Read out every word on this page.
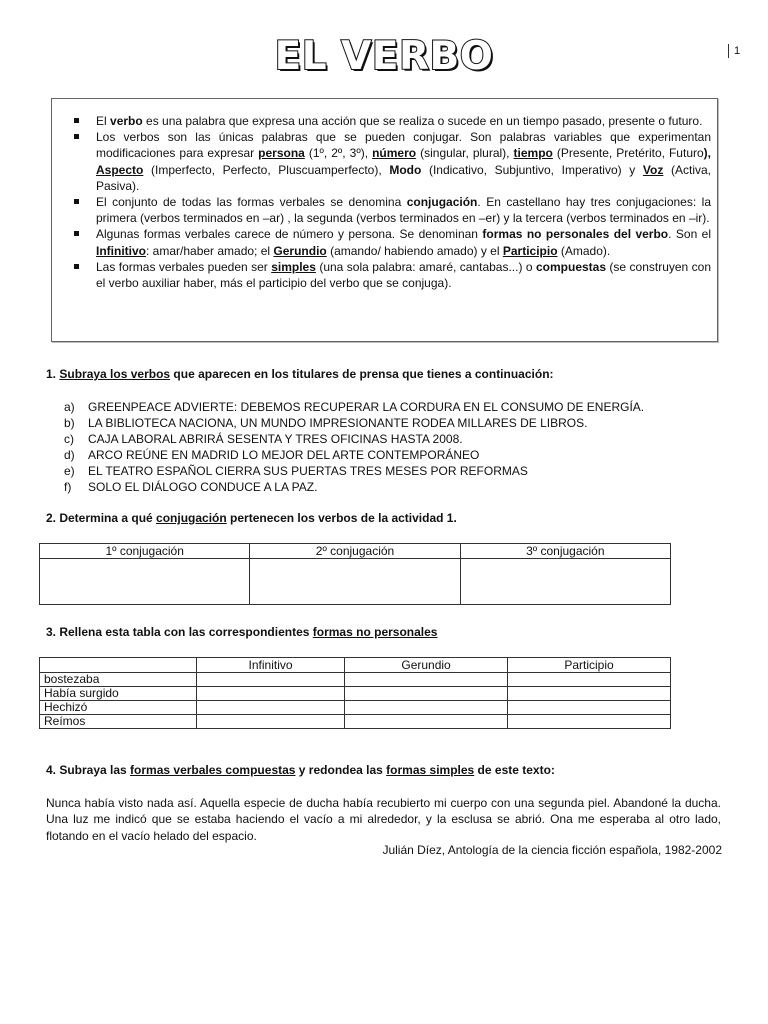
EL VERBO	1
El verbo es una palabra que expresa una acción que se realiza o sucede en un tiempo pasado, presente o futuro.
Los verbos son las únicas palabras que se pueden conjugar. Son palabras variables que experimentan modificaciones para expresar persona (1º, 2º, 3º), número (singular, plural), tiempo (Presente, Pretérito, Futuro), Aspecto (Imperfecto, Perfecto, Pluscuamperfecto), Modo (Indicativo, Subjuntivo, Imperativo) y Voz (Activa, Pasiva).
El conjunto de todas las formas verbales se denomina conjugación. En castellano hay tres conjugaciones: la primera (verbos terminados en –ar) , la segunda (verbos terminados en –er) y la tercera (verbos terminados en –ir).
Algunas formas verbales carece de número y persona. Se denominan formas no personales del verbo. Son el Infinitivo: amar/haber amado; el Gerundio (amando/ habiendo amado) y el Participio (Amado).
Las formas verbales pueden ser simples (una sola palabra: amaré, cantabas...) o compuestas (se construyen con el verbo auxiliar haber, más el participio del verbo que se conjuga).
1. Subraya los verbos que aparecen en los titulares de prensa que tienes a continuación:
a)	GREENPEACE ADVIERTE: DEBEMOS RECUPERAR LA CORDURA EN EL CONSUMO DE ENERGÍA.
b)	LA BIBLIOTECA NACIONA, UN MUNDO IMPRESIONANTE RODEA MILLARES DE LIBROS.
c)	CAJA LABORAL ABRIRÁ SESENTA Y TRES OFICINAS HASTA 2008.
d)	ARCO REÚNE EN MADRID LO MEJOR DEL ARTE CONTEMPORÁNEO
e)	EL TEATRO ESPAÑOL CIERRA SUS PUERTAS TRES MESES POR REFORMAS
f)	SOLO EL DIÁLOGO CONDUCE A LA PAZ.
2. Determina a qué conjugación pertenecen los verbos de la actividad 1.
1º conjugación	2º conjugación	3º conjugación

3. Rellena esta tabla con las correspondientes formas no personales
	Infinitivo	Gerundio	Participio
bostezaba			
Había surgido			
Hechizó			
Reímos			
4. Subraya las formas verbales compuestas y redondea las formas simples de este texto:

Nunca había visto nada así. Aquella especie de ducha había recubierto mi cuerpo con una segunda piel. Abandoné la ducha. Una luz me indicó que se estaba haciendo el vacío a mi alrededor, y la esclusa se abrió. Ona me esperaba al otro lado, flotando en el vacío helado del espacio.

Julián Díez, Antología de la ciencia ficción española, 1982-2002
